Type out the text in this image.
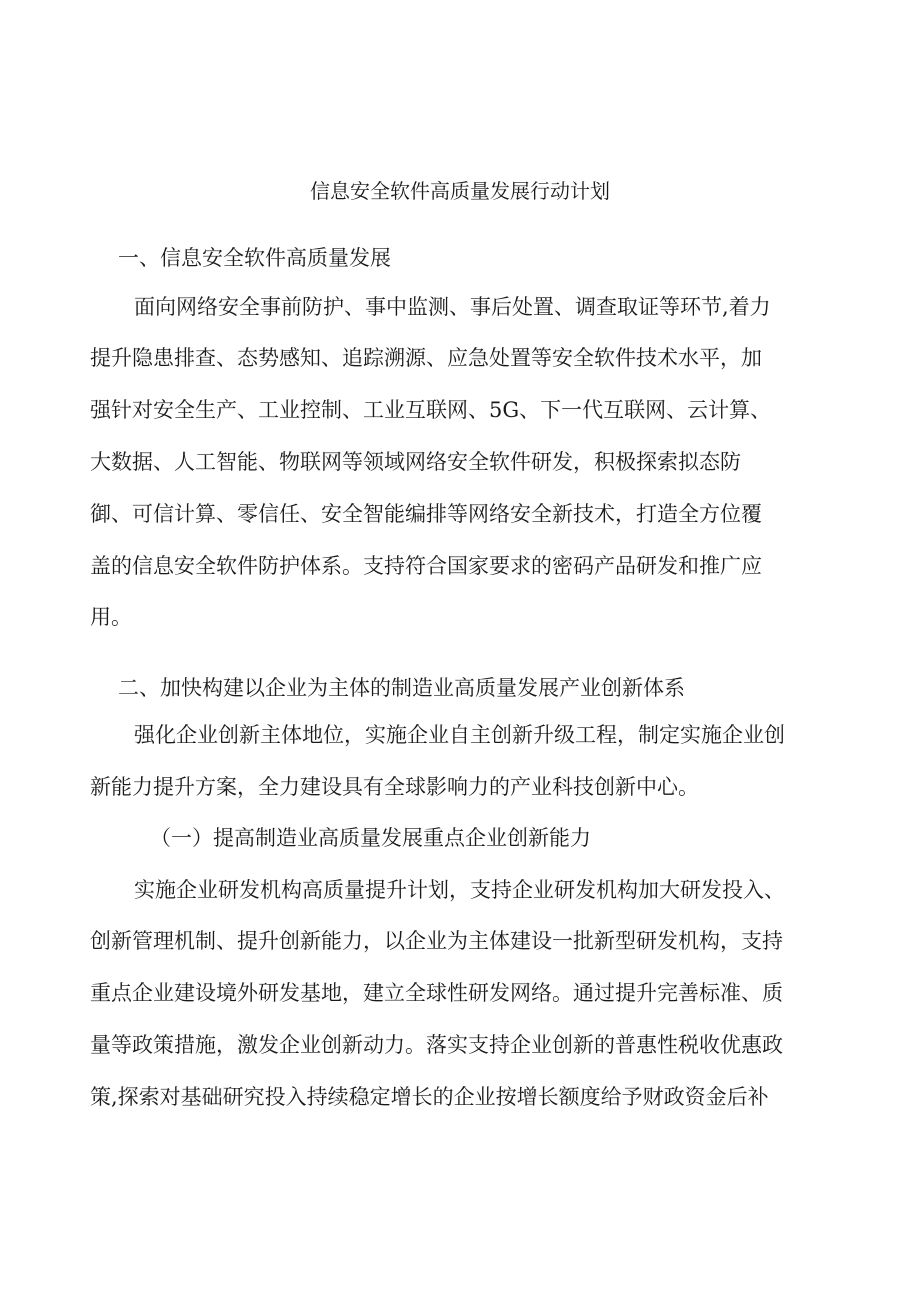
信息安全软件高质量发展行动计划
一、信息安全软件高质量发展
面向网络安全事前防护、事中监测、事后处置、调查取证等环节,着力
提升隐患排查、态势感知、追踪溯源、应急处置等安全软件技术水平，加
强针对安全生产、工业控制、工业互联网、5G、下一代互联网、云计算、
大数据、人工智能、物联网等领域网络安全软件研发，积极探索拟态防
御、可信计算、零信任、安全智能编排等网络安全新技术，打造全方位覆
盖的信息安全软件防护体系。支持符合国家要求的密码产品研发和推广应
用。
二、加快构建以企业为主体的制造业高质量发展产业创新体系
强化企业创新主体地位，实施企业自主创新升级工程，制定实施企业创
新能力提升方案，全力建设具有全球影响力的产业科技创新中心。
（一）提高制造业高质量发展重点企业创新能力
实施企业研发机构高质量提升计划，支持企业研发机构加大研发投入、
创新管理机制、提升创新能力，以企业为主体建设一批新型研发机构，支持
重点企业建设境外研发基地，建立全球性研发网络。通过提升完善标准、质
量等政策措施，激发企业创新动力。落实支持企业创新的普惠性税收优惠政
策,探索对基础研究投入持续稳定增长的企业按增长额度给予财政资金后补
